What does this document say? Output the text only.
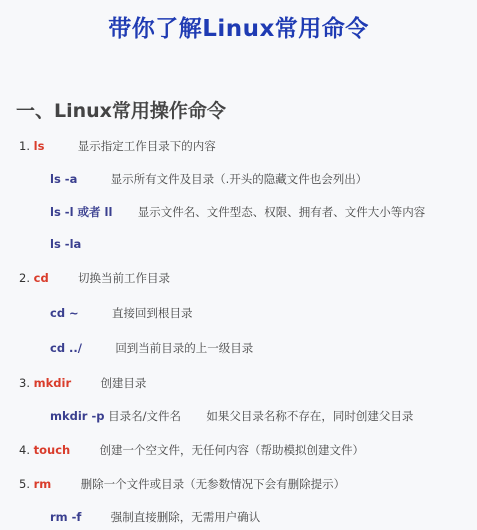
带你了解Linux常用命令
一、Linux常用操作命令
1. ls	显示指定工作目录下的内容
ls -a	显示所有文件及目录（.开头的隐藏文件也会列出）
ls -l 或者 ll 显示文件名、文件型态、权限、拥有者、文件大小等内容
ls -la
2. cd	切换当前工作目录
cd ~	直接回到根目录
cd ../	回到当前目录的上一级目录
3. mkdir	创建目录
mkdir -p 目录名/文件名 如果父目录名称不存在，同时创建父目录
4. touch	创建一个空文件，无任何内容（帮助模拟创建文件）
5. rm	删除一个文件或目录（无参数情况下会有删除提示）
rm -f	强制直接删除，无需用户确认
